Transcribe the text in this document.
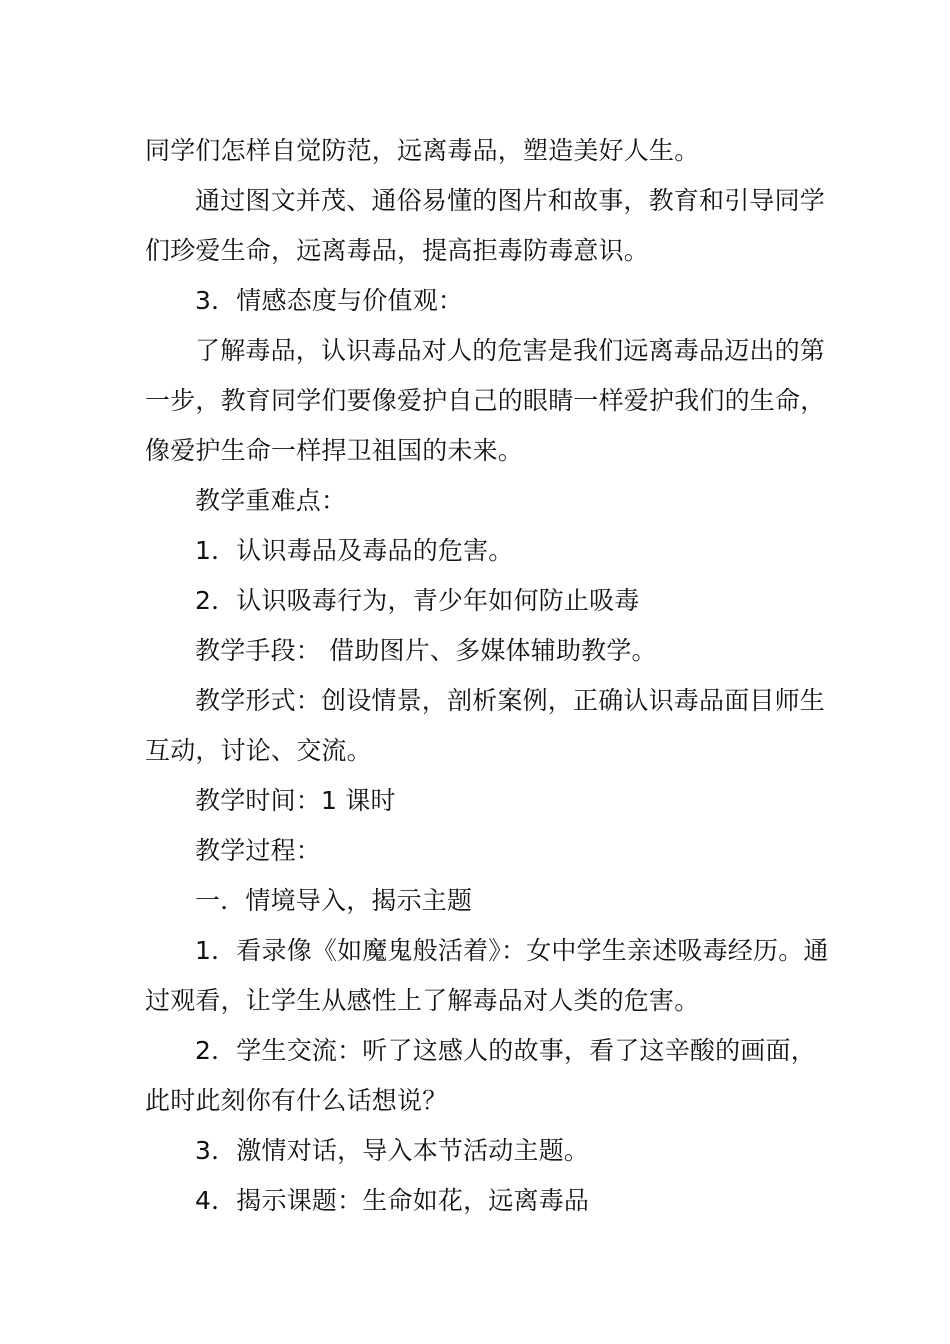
同学们怎样自觉防范，远离毒品，塑造美好人生。

通过图文并茂、通俗易懂的图片和故事，教育和引导同学们珍爱生命，远离毒品，提高拒毒防毒意识。

3．情感态度与价值观：

了解毒品，认识毒品对人的危害是我们远离毒品迈出的第一步，教育同学们要像爱护自己的眼睛一样爱护我们的生命，像爱护生命一样捍卫祖国的未来。

教学重难点：

1．认识毒品及毒品的危害。

2．认识吸毒行为，青少年如何防止吸毒

教学手段： 借助图片、多媒体辅助教学。

教学形式：创设情景，剖析案例，正确认识毒品面目师生互动，讨论、交流。

教学时间：1 课时

教学过程：

一．情境导入，揭示主题

1．看录像《如魔鬼般活着》：女中学生亲述吸毒经历。通过观看，让学生从感性上了解毒品对人类的危害。

2．学生交流：听了这感人的故事，看了这辛酸的画面，此时此刻你有什么话想说？

3．激情对话，导入本节活动主题。

4．揭示课题：生命如花，远离毒品
